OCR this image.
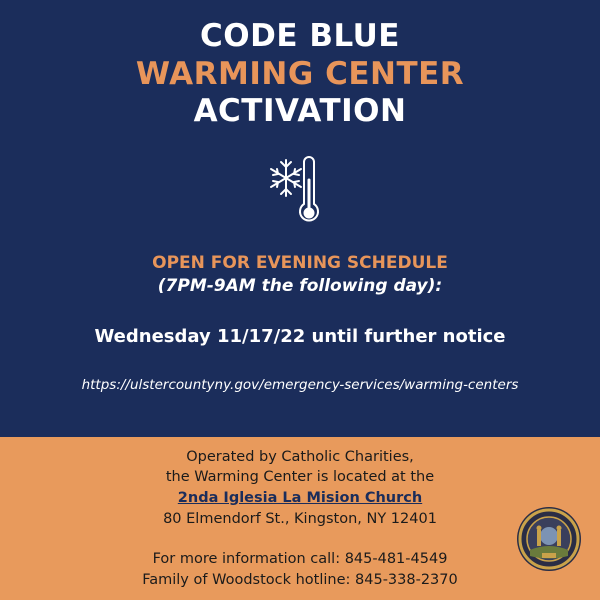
CODE BLUE
WARMING CENTER
ACTIVATION
OPEN FOR EVENING SCHEDULE
(7PM-9AM the following day):
Wednesday 11/17/22 until further notice
https://ulstercountyny.gov/emergency-services/warming-centers
Operated by Catholic Charities,
the Warming Center is located at the
2nda Iglesia La Mision Church
80 Elmendorf St., Kingston, NY 12401
For more information call: 845-481-4549
Family of Woodstock hotline: 845-338-2370
